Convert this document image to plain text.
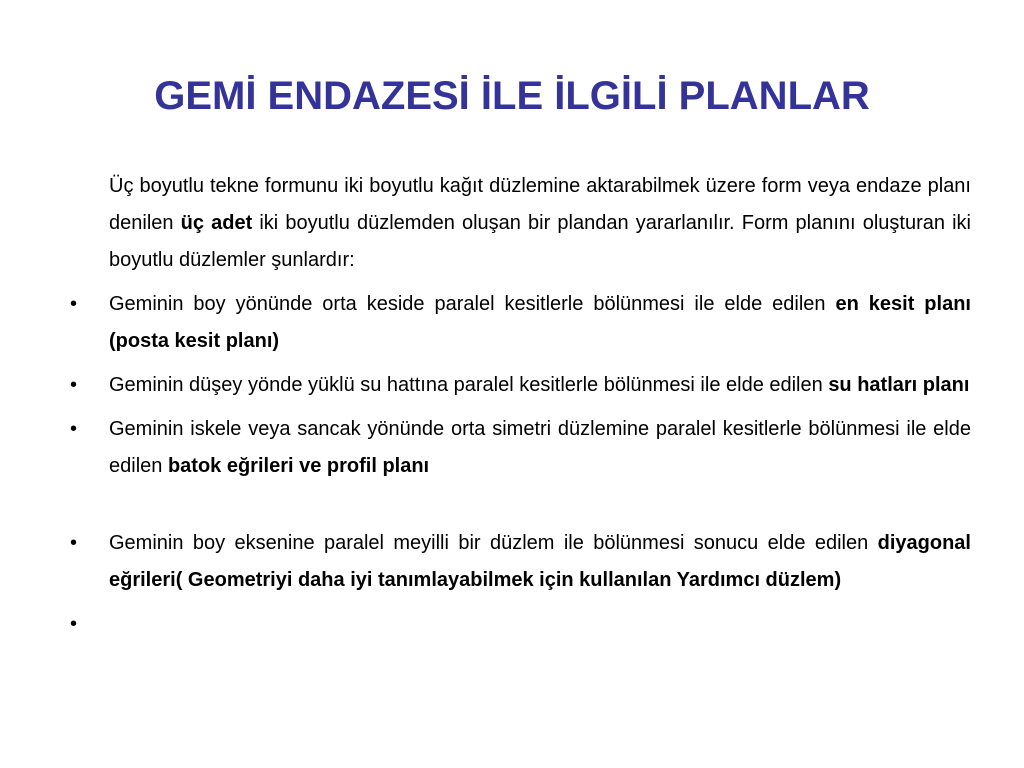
GEMİ ENDAZESİ İLE İLGİLİ PLANLAR

Üç boyutlu tekne formunu iki boyutlu kağıt düzlemine aktarabilmek üzere form veya endaze planı denilen üç adet iki boyutlu düzlemden oluşan bir plandan yararlanılır. Form planını oluşturan iki boyutlu düzlemler şunlardır:

• Geminin boy yönünde orta keside paralel kesitlerle bölünmesi ile elde edilen en kesit planı (posta kesit planı)
• Geminin düşey yönde yüklü su hattına paralel kesitlerle bölünmesi ile elde edilen su hatları planı
• Geminin iskele veya sancak yönünde orta simetri düzlemine paralel kesitlerle bölünmesi ile elde edilen batok eğrileri ve profil planı
• Geminin boy eksenine paralel meyilli bir düzlem ile bölünmesi sonucu elde edilen diyagonal eğrileri( Geometriyi daha iyi tanımlayabilmek için kullanılan Yardımcı düzlem)
•
